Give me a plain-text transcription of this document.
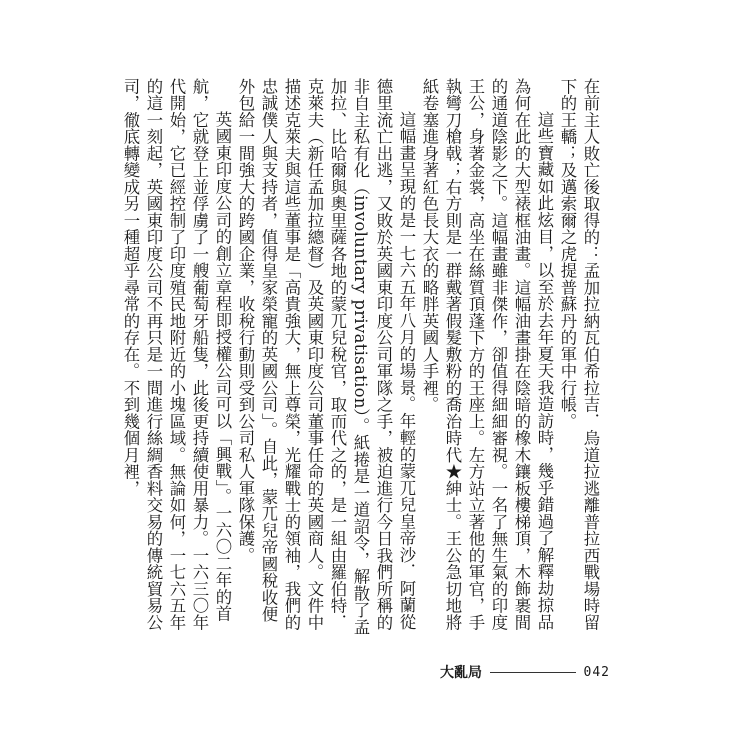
在前主人敗亡後取得的：孟加拉納瓦伯希拉吉．烏道拉逃離普拉西戰場時留下的王轎；及邁索爾之虎提普蘇丹的軍中行帳。

這些寶藏如此炫目，以至於去年夏天我造訪時，幾乎錯過了解釋劫掠品為何在此的大型裱框油畫。這幅油畫掛在陰暗的橡木鑲板樓梯頂，木飾裹間的通道陰影之下。這幅畫雖非傑作，卻值得細細審視。一名了無生氣的印度王公，身著金裳，高坐在絲質頂蓬下方的王座上。左方站立著他的軍官，手執彎刀槍戟；右方則是一群戴著假髮敷粉的喬治時代★紳士。王公急切地將紙卷塞進身著紅色長大衣的略胖英國人手裡。

這幅畫呈現的是一七六五年八月的場景。年輕的蒙兀兒皇帝沙．阿蘭從德里流亡出逃，又敗於英國東印度公司軍隊之手，被迫進行今日我們所稱的非自主私有化（involuntary privatisation）。紙捲是一道詔令，解散了孟加拉、比哈爾與奧里薩各地的蒙兀兒稅官，取而代之的，是一組由羅伯特．克萊夫（新任孟加拉總督）及英國東印度公司董事任命的英國商人。文件中描述克萊夫與這些董事是「高貴強大，無上尊榮，光耀戰士的領袖，我們的忠誠僕人與支持者，值得皇家榮寵的英國公司」。自此，蒙兀兒帝國稅收便外包給一間強大的跨國企業，收稅行動則受到公司私人軍隊保護。

英國東印度公司的創立章程即授權公司可以「興戰」。一六〇二年的首航，它就登上並俘虜了一艘葡萄牙船隻，此後更持續使用暴力。一六三〇年代開始，它已經控制了印度殖民地附近的小塊區域。無論如何，一七六五年的這一刻起，英國東印度公司不再只是一間進行絲綢香料交易的傳統貿易公司，徹底轉變成另一種超乎尋常的存在。不到幾個月裡，

大亂局	042
